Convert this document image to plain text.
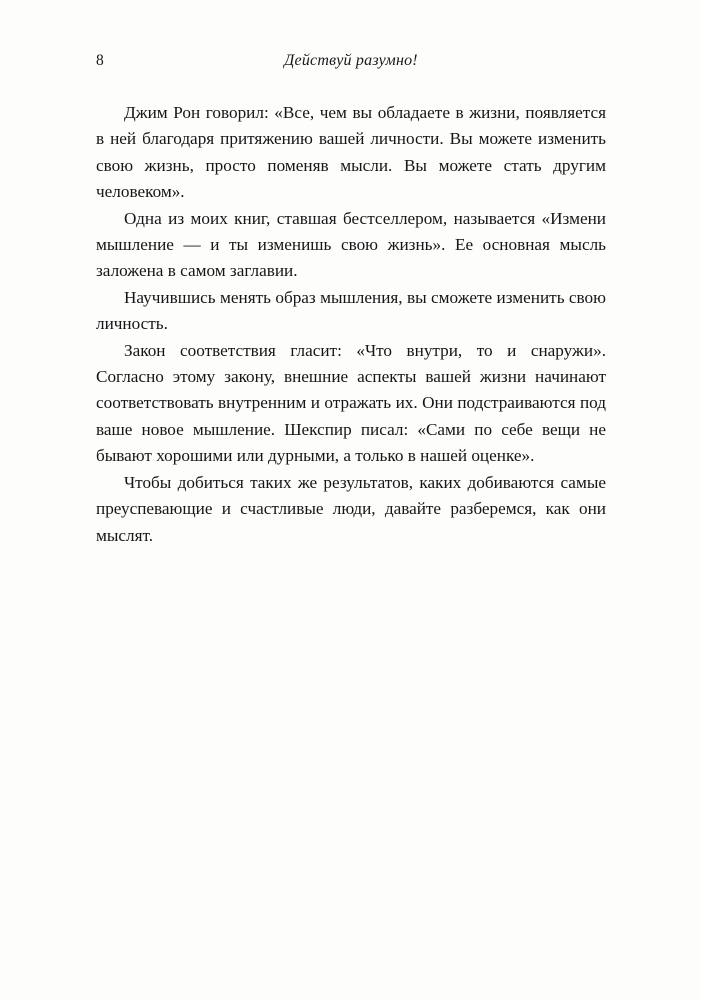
8	Действуй разумно!

Джим Рон говорил: «Все, чем вы обладаете в жизни, появляется в ней благодаря притяжению вашей личности. Вы можете изменить свою жизнь, просто поменяв мысли. Вы можете стать другим человеком».

Одна из моих книг, ставшая бестселлером, называется «Измени мышление — и ты изменишь свою жизнь». Ее основная мысль заложена в самом заглавии.

Научившись менять образ мышления, вы сможете изменить свою личность.

Закон соответствия гласит: «Что внутри, то и снаружи». Согласно этому закону, внешние аспекты вашей жизни начинают соответствовать внутренним и отражать их. Они подстраиваются под ваше новое мышление. Шекспир писал: «Сами по себе вещи не бывают хорошими или дурными, а только в нашей оценке».

Чтобы добиться таких же результатов, каких добиваются самые преуспевающие и счастливые люди, давайте разберемся, как они мыслят.
